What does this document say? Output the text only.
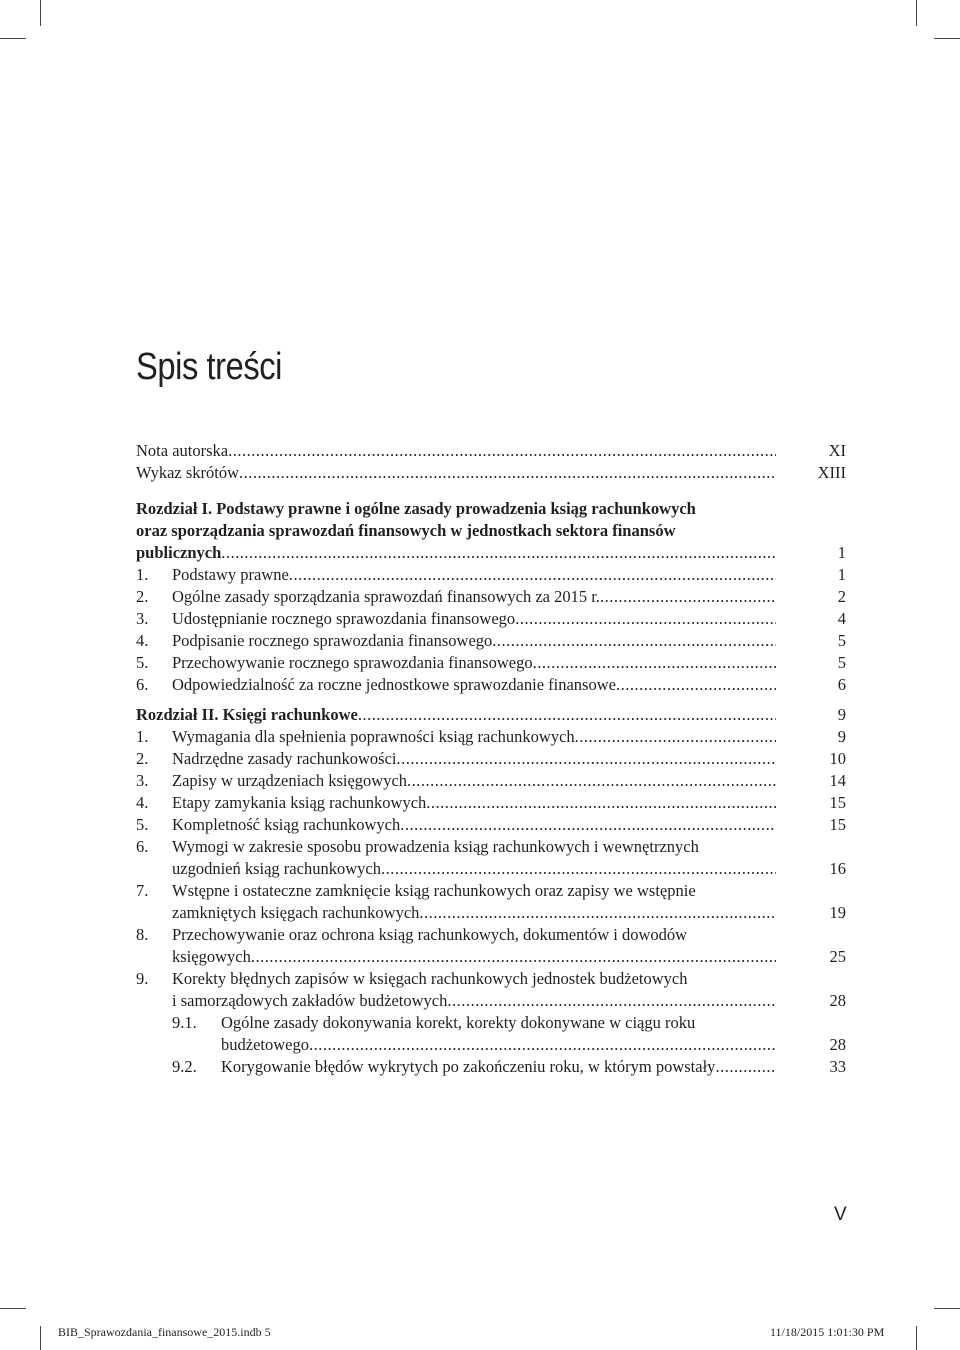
Spis treści
Nota autorska .....	XI
Wykaz skrótów .....	XIII
Rozdział I. Podstawy prawne i ogólne zasady prowadzenia ksiąg rachunkowych
oraz sporządzania sprawozdań finansowych w jednostkach sektora finansów
publicznych .....	1
1. Podstawy prawne .....	1
2. Ogólne zasady sporządzania sprawozdań finansowych za 2015 r. .....	2
3. Udostępnianie rocznego sprawozdania finansowego .....	4
4. Podpisanie rocznego sprawozdania finansowego .....	5
5. Przechowywanie rocznego sprawozdania finansowego .....	5
6. Odpowiedzialność za roczne jednostkowe sprawozdanie finansowe .....	6
Rozdział II. Księgi rachunkowe .....	9
1. Wymagania dla spełnienia poprawności ksiąg rachunkowych .....	9
2. Nadrzędne zasady rachunkowości .....	10
3. Zapisy w urządzeniach księgowych .....	14
4. Etapy zamykania ksiąg rachunkowych .....	15
5. Kompletność ksiąg rachunkowych .....	15
6. Wymogi w zakresie sposobu prowadzenia ksiąg rachunkowych i wewnętrznych
uzgodnień ksiąg rachunkowych .....	16
7. Wstępne i ostateczne zamknięcie ksiąg rachunkowych oraz zapisy we wstępnie
zamkniętych księgach rachunkowych .....	19
8. Przechowywanie oraz ochrona ksiąg rachunkowych, dokumentów i dowodów
księgowych .....	25
9. Korekty błędnych zapisów w księgach rachunkowych jednostek budżetowych
i samorządowych zakładów budżetowych .....	28
9.1. Ogólne zasady dokonywania korekt, korekty dokonywane w ciągu roku
budżetowego .....	28
9.2. Korygowanie błędów wykrytych po zakończeniu roku, w którym powstały .....	33
V
BIB_Sprawozdania_finansowe_2015.indb 5	11/18/2015 1:01:30 PM
